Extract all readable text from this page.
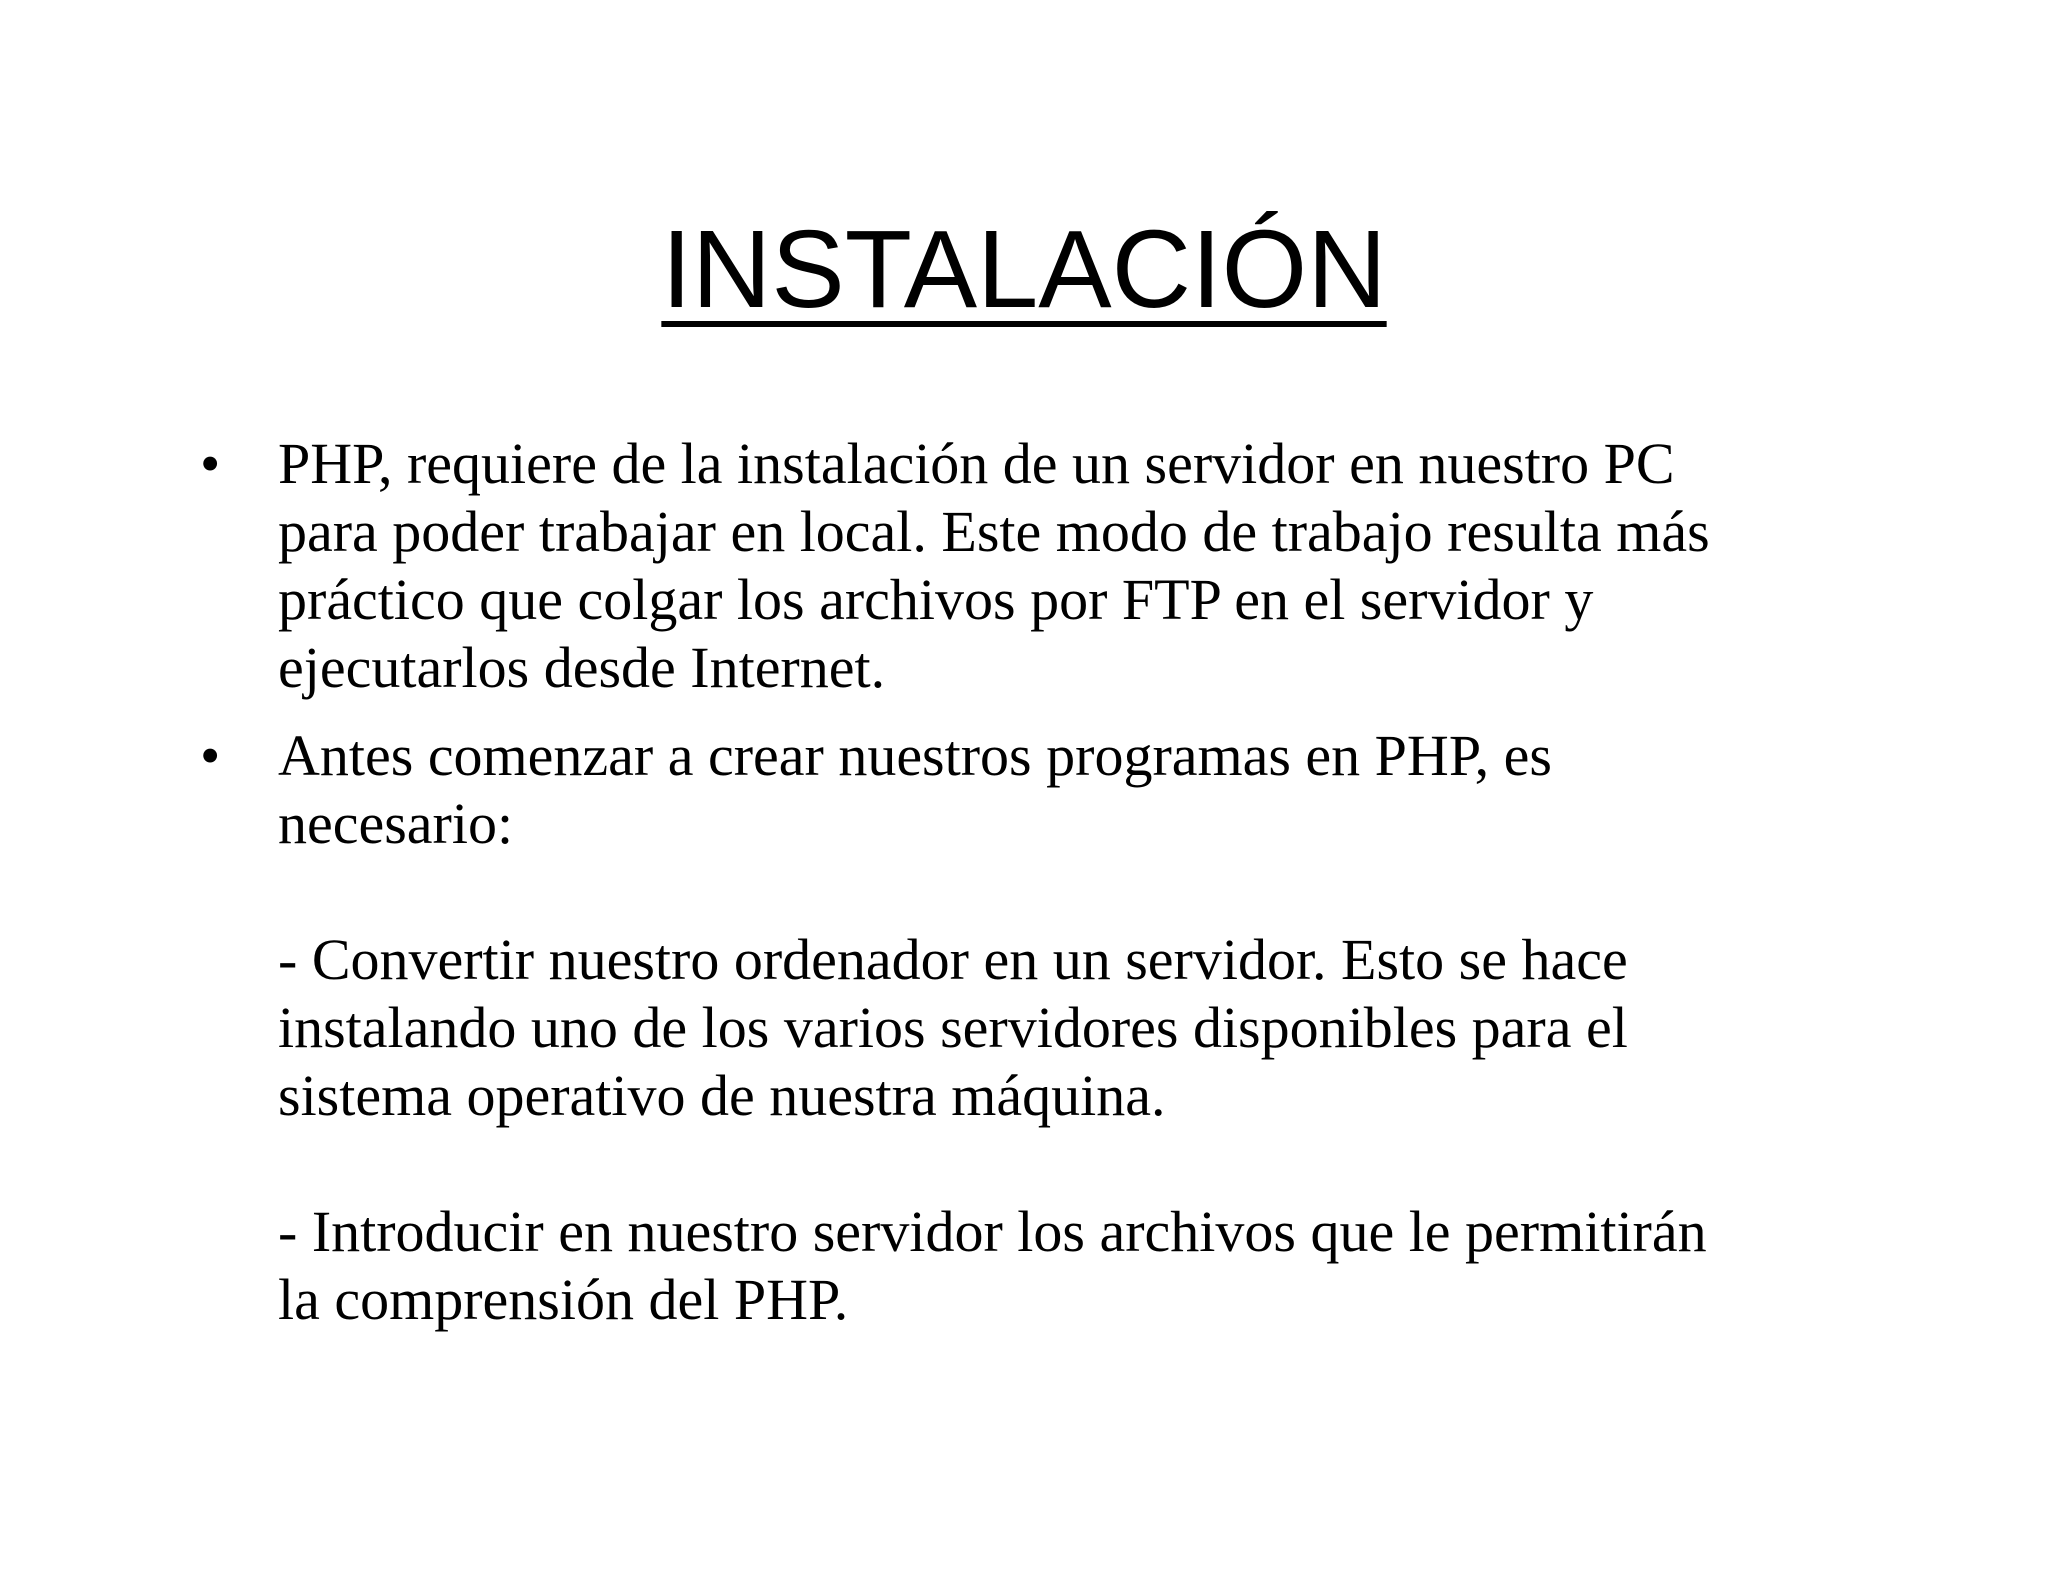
INSTALACIÓN
• PHP, requiere de la instalación de un servidor en nuestro PC
para poder trabajar en local. Este modo de trabajo resulta más
práctico que colgar los archivos por FTP en el servidor y
ejecutarlos desde Internet.
• Antes comenzar a crear nuestros programas en PHP, es
necesario:
- Convertir nuestro ordenador en un servidor. Esto se hace
instalando uno de los varios servidores disponibles para el
sistema operativo de nuestra máquina.
- Introducir en nuestro servidor los archivos que le permitirán
la comprensión del PHP.
